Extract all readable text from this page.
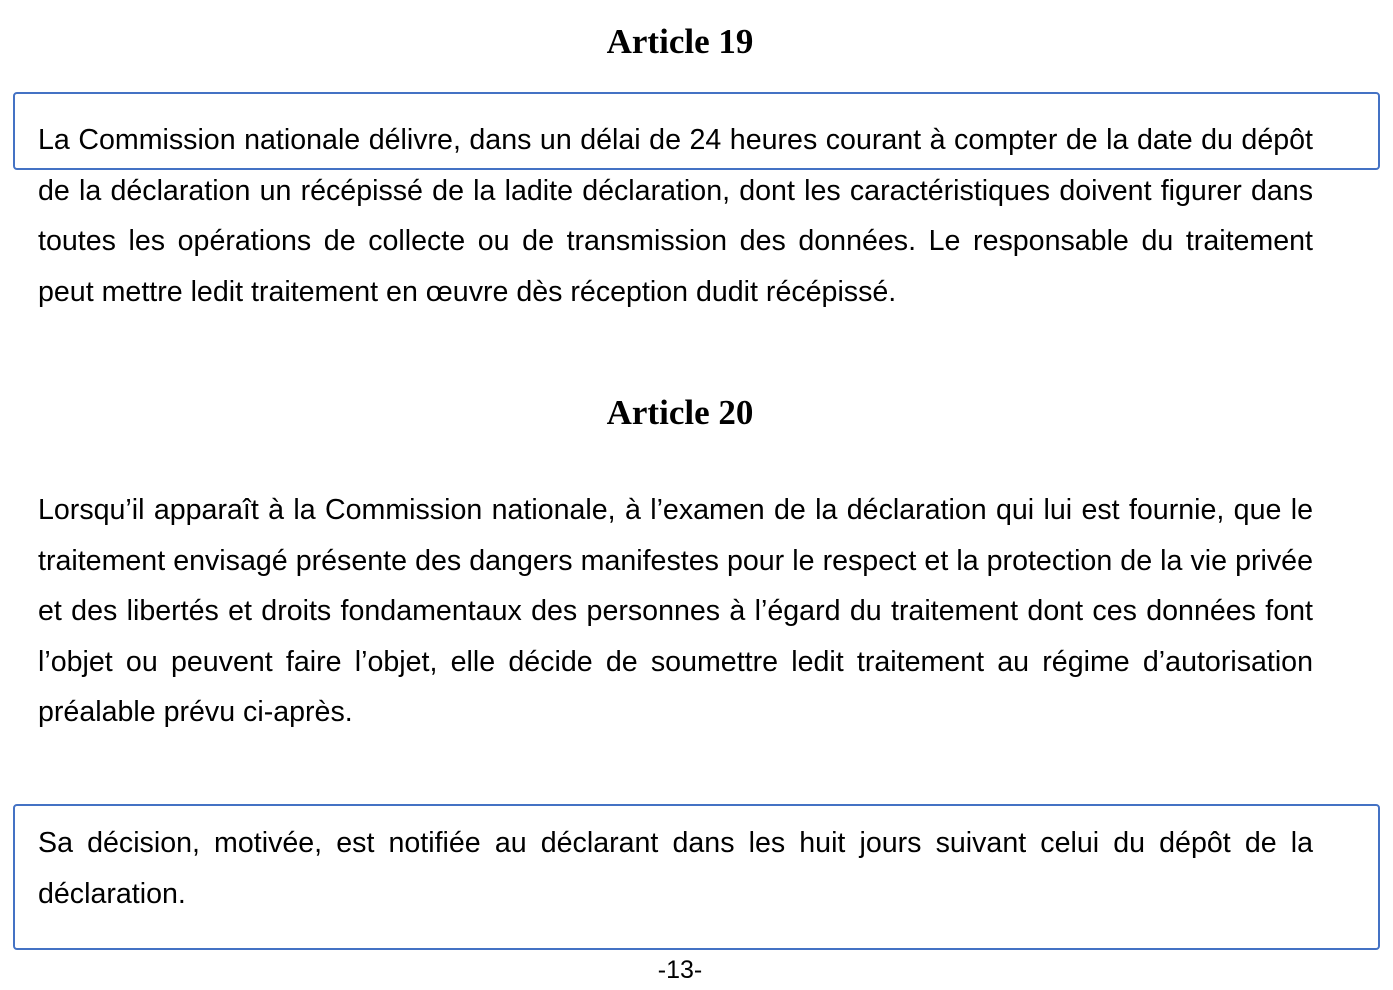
Article 19

La Commission nationale délivre, dans un délai de 24 heures courant à compter de la date du dépôt de la déclaration un récépissé de la ladite déclaration, dont les caractéristiques doivent figurer dans toutes les opérations de collecte ou de transmission des données. Le responsable du traitement peut mettre ledit traitement en œuvre dès réception dudit récépissé.

Article 20

Lorsqu’il apparaît à la Commission nationale, à l’examen de la déclaration qui lui est fournie, que le traitement envisagé présente des dangers manifestes pour le respect et la protection de la vie privée et des libertés et droits fondamentaux des personnes à l’égard du traitement dont ces données font l’objet ou peuvent faire l’objet, elle décide de soumettre ledit traitement au régime d’autorisation préalable prévu ci-après.

Sa décision, motivée, est notifiée au déclarant dans les huit jours suivant celui du dépôt de la déclaration.

-13-
